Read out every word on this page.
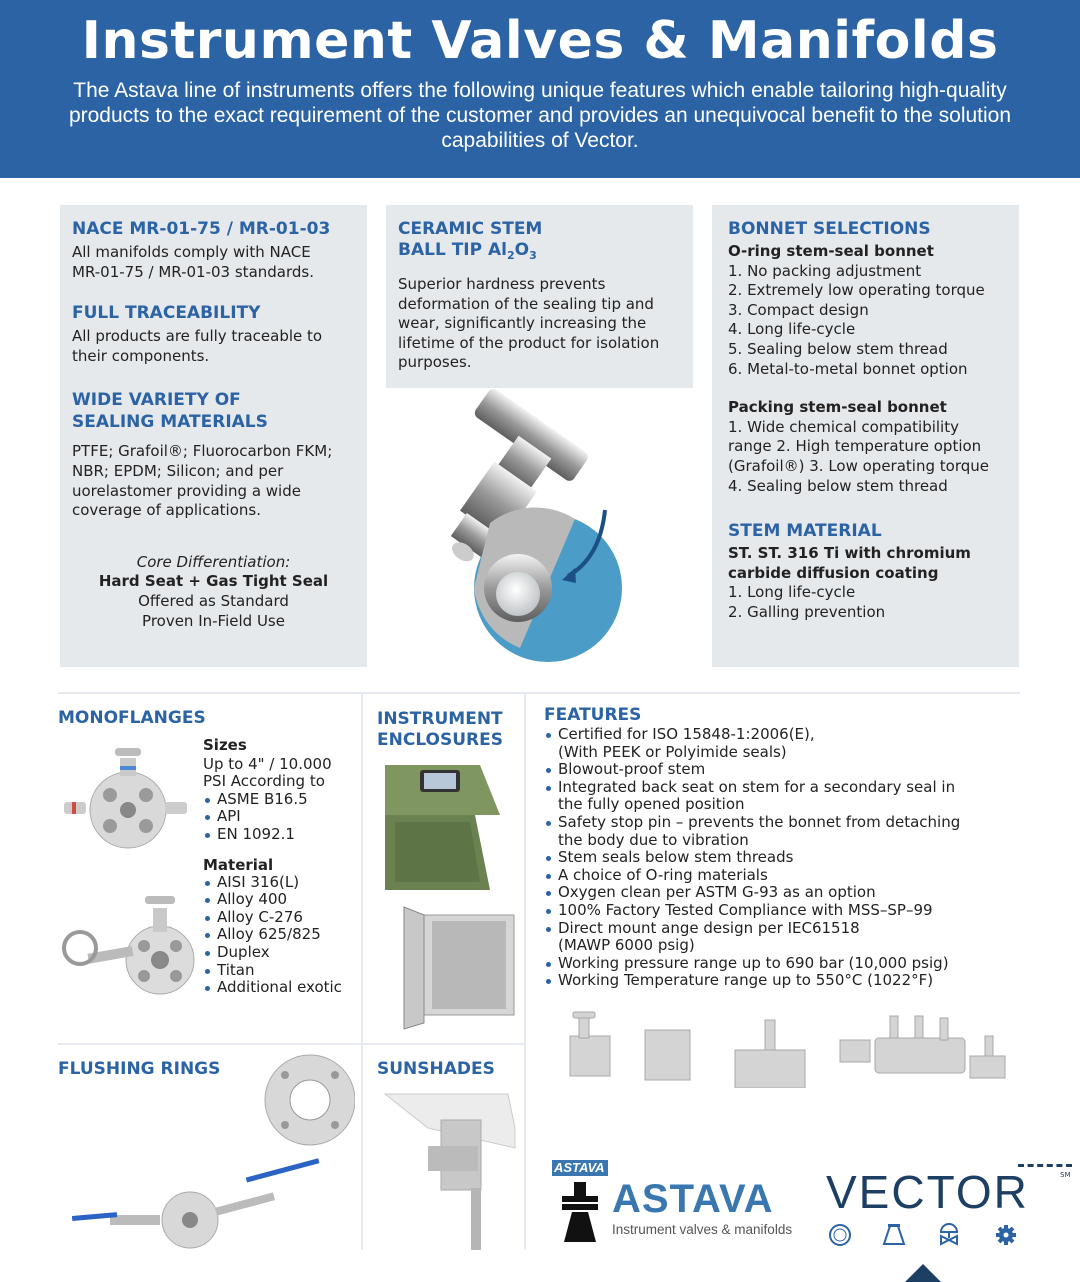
Instrument Valves & Manifolds

The Astava line of instruments offers the following unique features which enable tailoring high-quality products to the exact requirement of the customer and provides an unequivocal benefit to the solution capabilities of Vector.

NACE MR-01-75 / MR-01-03
All manifolds comply with NACE MR-01-75 / MR-01-03 standards.
FULL TRACEABILITY
All products are fully traceable to their components.
WIDE VARIETY OF
SEALING MATERIALS
PTFE; Grafoil®; Fluorocarbon FKM; NBR; EPDM; Silicon; and per uorelastomer providing a wide coverage of applications.
Core Differentiation:
Hard Seat + Gas Tight Seal
Offered as Standard
Proven In-Field Use
CERAMIC STEM
BALL TIP $Al_2O_3$
Superior hardness prevents deformation of the sealing tip and wear, significantly increasing the lifetime of the product for isolation purposes.
BONNET SELECTIONS
O-ring stem-seal bonnet
1. No packing adjustment
2. Extremely low operating torque
3. Compact design
4. Long life-cycle
5. Sealing below stem thread
6. Metal-to-metal bonnet option
Packing stem-seal bonnet
1. Wide chemical compatibility
range 2. High temperature option
(Grafoil®) 3. Low operating torque
4. Sealing below stem thread
STEM MATERIAL
ST. ST. 316 Ti with chromium
carbide diffusion coating
1. Long life-cycle
2. Galling prevention
MONOFLANGES
Sizes
Up to 4" / 10.000
PSI According to
ASME B16.5
API
EN 1092.1
Material
AISI 316(L)
Alloy 400
Alloy C-276
Alloy 625/825
Duplex
Titan
Additional exotic
INSTRUMENT
ENCLOSURES
FEATURES
Certified for ISO 15848-1:2006(E),
(With PEEK or Polyimide seals)
Blowout-proof stem
Integrated back seat on stem for a secondary seal in
the fully opened position
Safety stop pin – prevents the bonnet from detaching
the body due to vibration
Stem seals below stem threads
A choice of O-ring materials
Oxygen clean per ASTM G-93 as an option
100% Factory Tested Compliance with MSS–SP–99
Direct mount ange design per IEC61518
(MAWP 6000 psig)
Working pressure range up to 690 bar (10,000 psig)
Working Temperature range up to 550°C (1022°F)
FLUSHING RINGS	SUNSHADES
ASTAVA
ASTAVA
Instrument valves & manifolds
VECTOR	SM
